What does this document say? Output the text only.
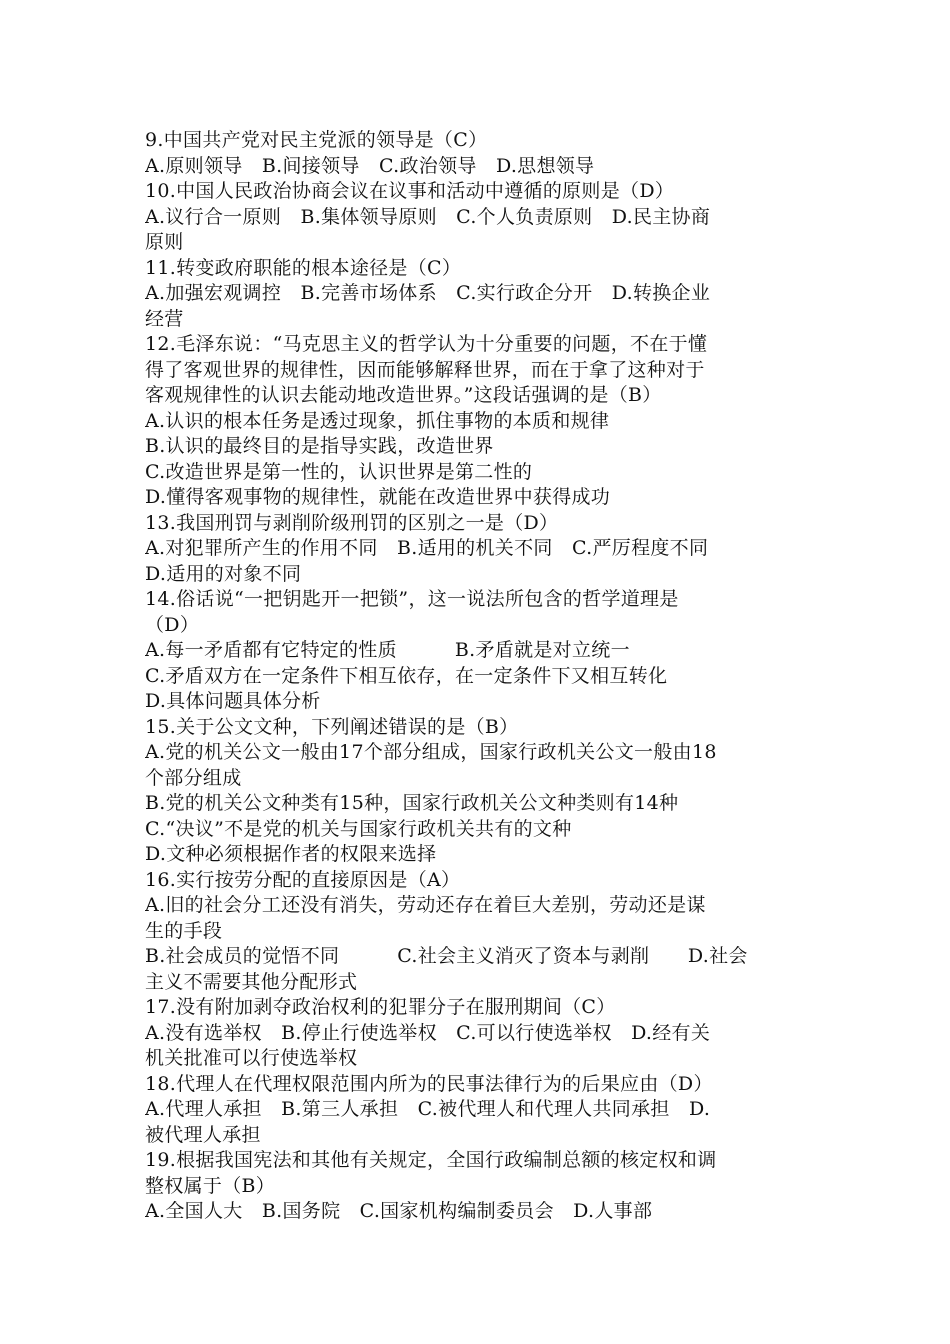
9.中国共产党对民主党派的领导是（C）
A.原则领导　B.间接领导　C.政治领导　D.思想领导
10.中国人民政治协商会议在议事和活动中遵循的原则是（D）
A.议行合一原则　B.集体领导原则　C.个人负责原则　D.民主协商
原则
11.转变政府职能的根本途径是（C）
A.加强宏观调控　B.完善市场体系　C.实行政企分开　D.转换企业
经营
12.毛泽东说：“马克思主义的哲学认为十分重要的问题，不在于懂
得了客观世界的规律性，因而能够解释世界，而在于拿了这种对于
客观规律性的认识去能动地改造世界。”这段话强调的是（B）
A.认识的根本任务是透过现象，抓住事物的本质和规律
B.认识的最终目的是指导实践，改造世界
C.改造世界是第一性的，认识世界是第二性的
D.懂得客观事物的规律性，就能在改造世界中获得成功
13.我国刑罚与剥削阶级刑罚的区别之一是（D）
A.对犯罪所产生的作用不同　B.适用的机关不同　C.严厉程度不同
D.适用的对象不同
14.俗话说“一把钥匙开一把锁”，这一说法所包含的哲学道理是
（D）
A.每一矛盾都有它特定的性质　　　B.矛盾就是对立统一
C.矛盾双方在一定条件下相互依存，在一定条件下又相互转化
D.具体问题具体分析
15.关于公文文种，下列阐述错误的是（B）
A.党的机关公文一般由17个部分组成，国家行政机关公文一般由18
个部分组成
B.党的机关公文种类有15种，国家行政机关公文种类则有14种
C.“决议”不是党的机关与国家行政机关共有的文种
D.文种必须根据作者的权限来选择
16.实行按劳分配的直接原因是（A）
A.旧的社会分工还没有消失，劳动还存在着巨大差别，劳动还是谋
生的手段
B.社会成员的觉悟不同　　　C.社会主义消灭了资本与剥削　　D.社会
主义不需要其他分配形式
17.没有附加剥夺政治权利的犯罪分子在服刑期间（C）
A.没有选举权　B.停止行使选举权　C.可以行使选举权　D.经有关
机关批准可以行使选举权
18.代理人在代理权限范围内所为的民事法律行为的后果应由（D）
A.代理人承担　B.第三人承担　C.被代理人和代理人共同承担　D.
被代理人承担
19.根据我国宪法和其他有关规定，全国行政编制总额的核定权和调
整权属于（B）
A.全国人大　B.国务院　C.国家机构编制委员会　D.人事部
